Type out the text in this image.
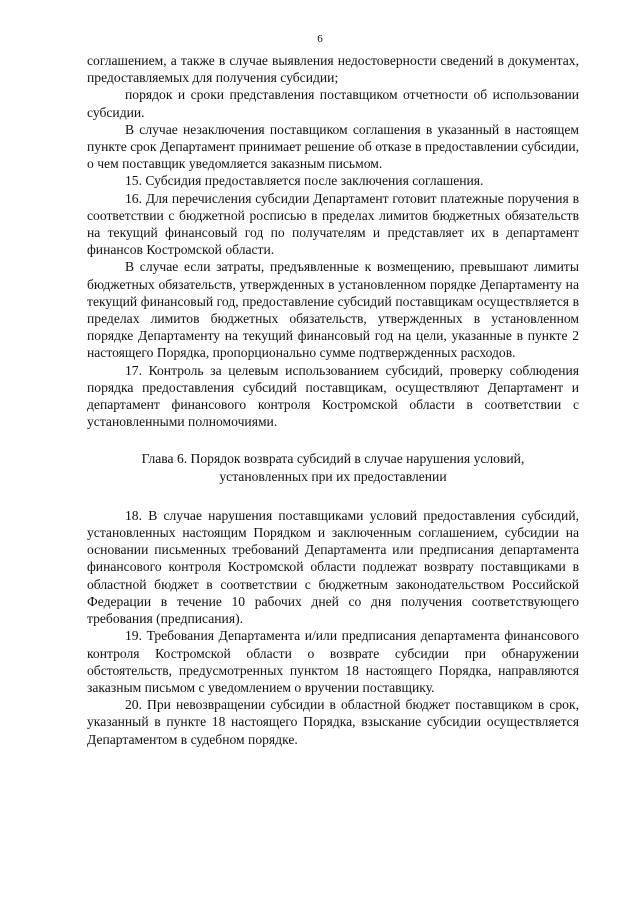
6

соглашением, а также в случае выявления недостоверности сведений в документах, предоставляемых для получения субсидии;

порядок и сроки представления поставщиком отчетности об использовании субсидии.

В случае незаключения поставщиком соглашения в указанный в настоящем пункте срок Департамент принимает решение об отказе в предоставлении субсидии, о чем поставщик уведомляется заказным письмом.

15. Субсидия предоставляется после заключения соглашения.

16. Для перечисления субсидии Департамент готовит платежные поручения в соответствии с бюджетной росписью в пределах лимитов бюджетных обязательств на текущий финансовый год по получателям и представляет их в департамент финансов Костромской области.

В случае если затраты, предъявленные к возмещению, превышают лимиты бюджетных обязательств, утвержденных в установленном порядке Департаменту на текущий финансовый год, предоставление субсидий поставщикам осуществляется в пределах лимитов бюджетных обязательств, утвержденных в установленном порядке Департаменту на текущий финансовый год на цели, указанные в пункте 2 настоящего Порядка, пропорционально сумме подтвержденных расходов.

17. Контроль за целевым использованием субсидий, проверку соблюдения порядка предоставления субсидий поставщикам, осуществляют Департамент и департамент финансового контроля Костромской области в соответствии с установленными полномочиями.

Глава 6. Порядок возврата субсидий в случае нарушения условий,
установленных при их предоставлении

18. В случае нарушения поставщиками условий предоставления субсидий, установленных настоящим Порядком и заключенным соглашением, субсидии на основании письменных требований Департамента или предписания департамента финансового контроля Костромской области подлежат возврату поставщиками в областной бюджет в соответствии с бюджетным законодательством Российской Федерации в течение 10 рабочих дней со дня получения соответствующего требования (предписания).

19. Требования Департамента и/или предписания департамента финансового контроля Костромской области о возврате субсидии при обнаружении обстоятельств, предусмотренных пунктом 18 настоящего Порядка, направляются заказным письмом с уведомлением о вручении поставщику.

20. При невозвращении субсидии в областной бюджет поставщиком в срок, указанный в пункте 18 настоящего Порядка, взыскание субсидии осуществляется Департаментом в судебном порядке.
